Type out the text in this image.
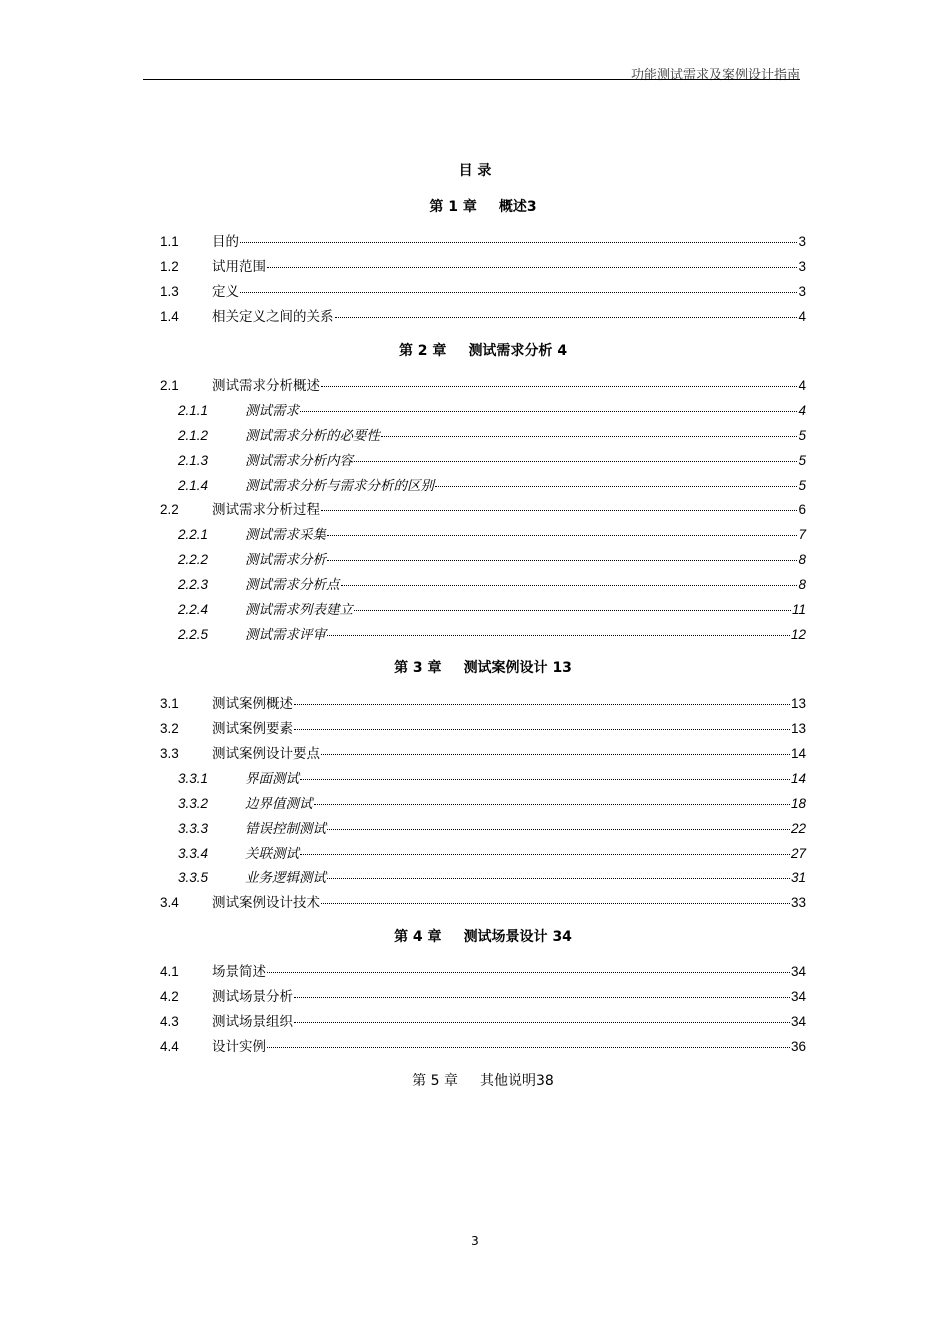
功能测试需求及案例设计指南
目 录
第 1 章 概述3
1.1	目的	3
1.2	试用范围	3
1.3	定义	3
1.4	相关定义之间的关系	4
第 2 章 测试需求分析 4
2.1	测试需求分析概述	4
2.1.1	测试需求	4
2.1.2	测试需求分析的必要性	5
2.1.3	测试需求分析内容	5
2.1.4	测试需求分析与需求分析的区别	5
2.2	测试需求分析过程	6
2.2.1	测试需求采集	7
2.2.2	测试需求分析	8
2.2.3	测试需求分析点	8
2.2.4	测试需求列表建立	11
2.2.5	测试需求评审	12
第 3 章 测试案例设计 13
3.1	测试案例概述	13
3.2	测试案例要素	13
3.3	测试案例设计要点	14
3.3.1	界面测试	14
3.3.2	边界值测试	18
3.3.3	错误控制测试	22
3.3.4	关联测试	27
3.3.5	业务逻辑测试	31
3.4	测试案例设计技术	33
第 4 章 测试场景设计 34
4.1	场景简述	34
4.2	测试场景分析	34
4.3	测试场景组织	34
4.4	设计实例	36
第 5 章 其他说明38
3
